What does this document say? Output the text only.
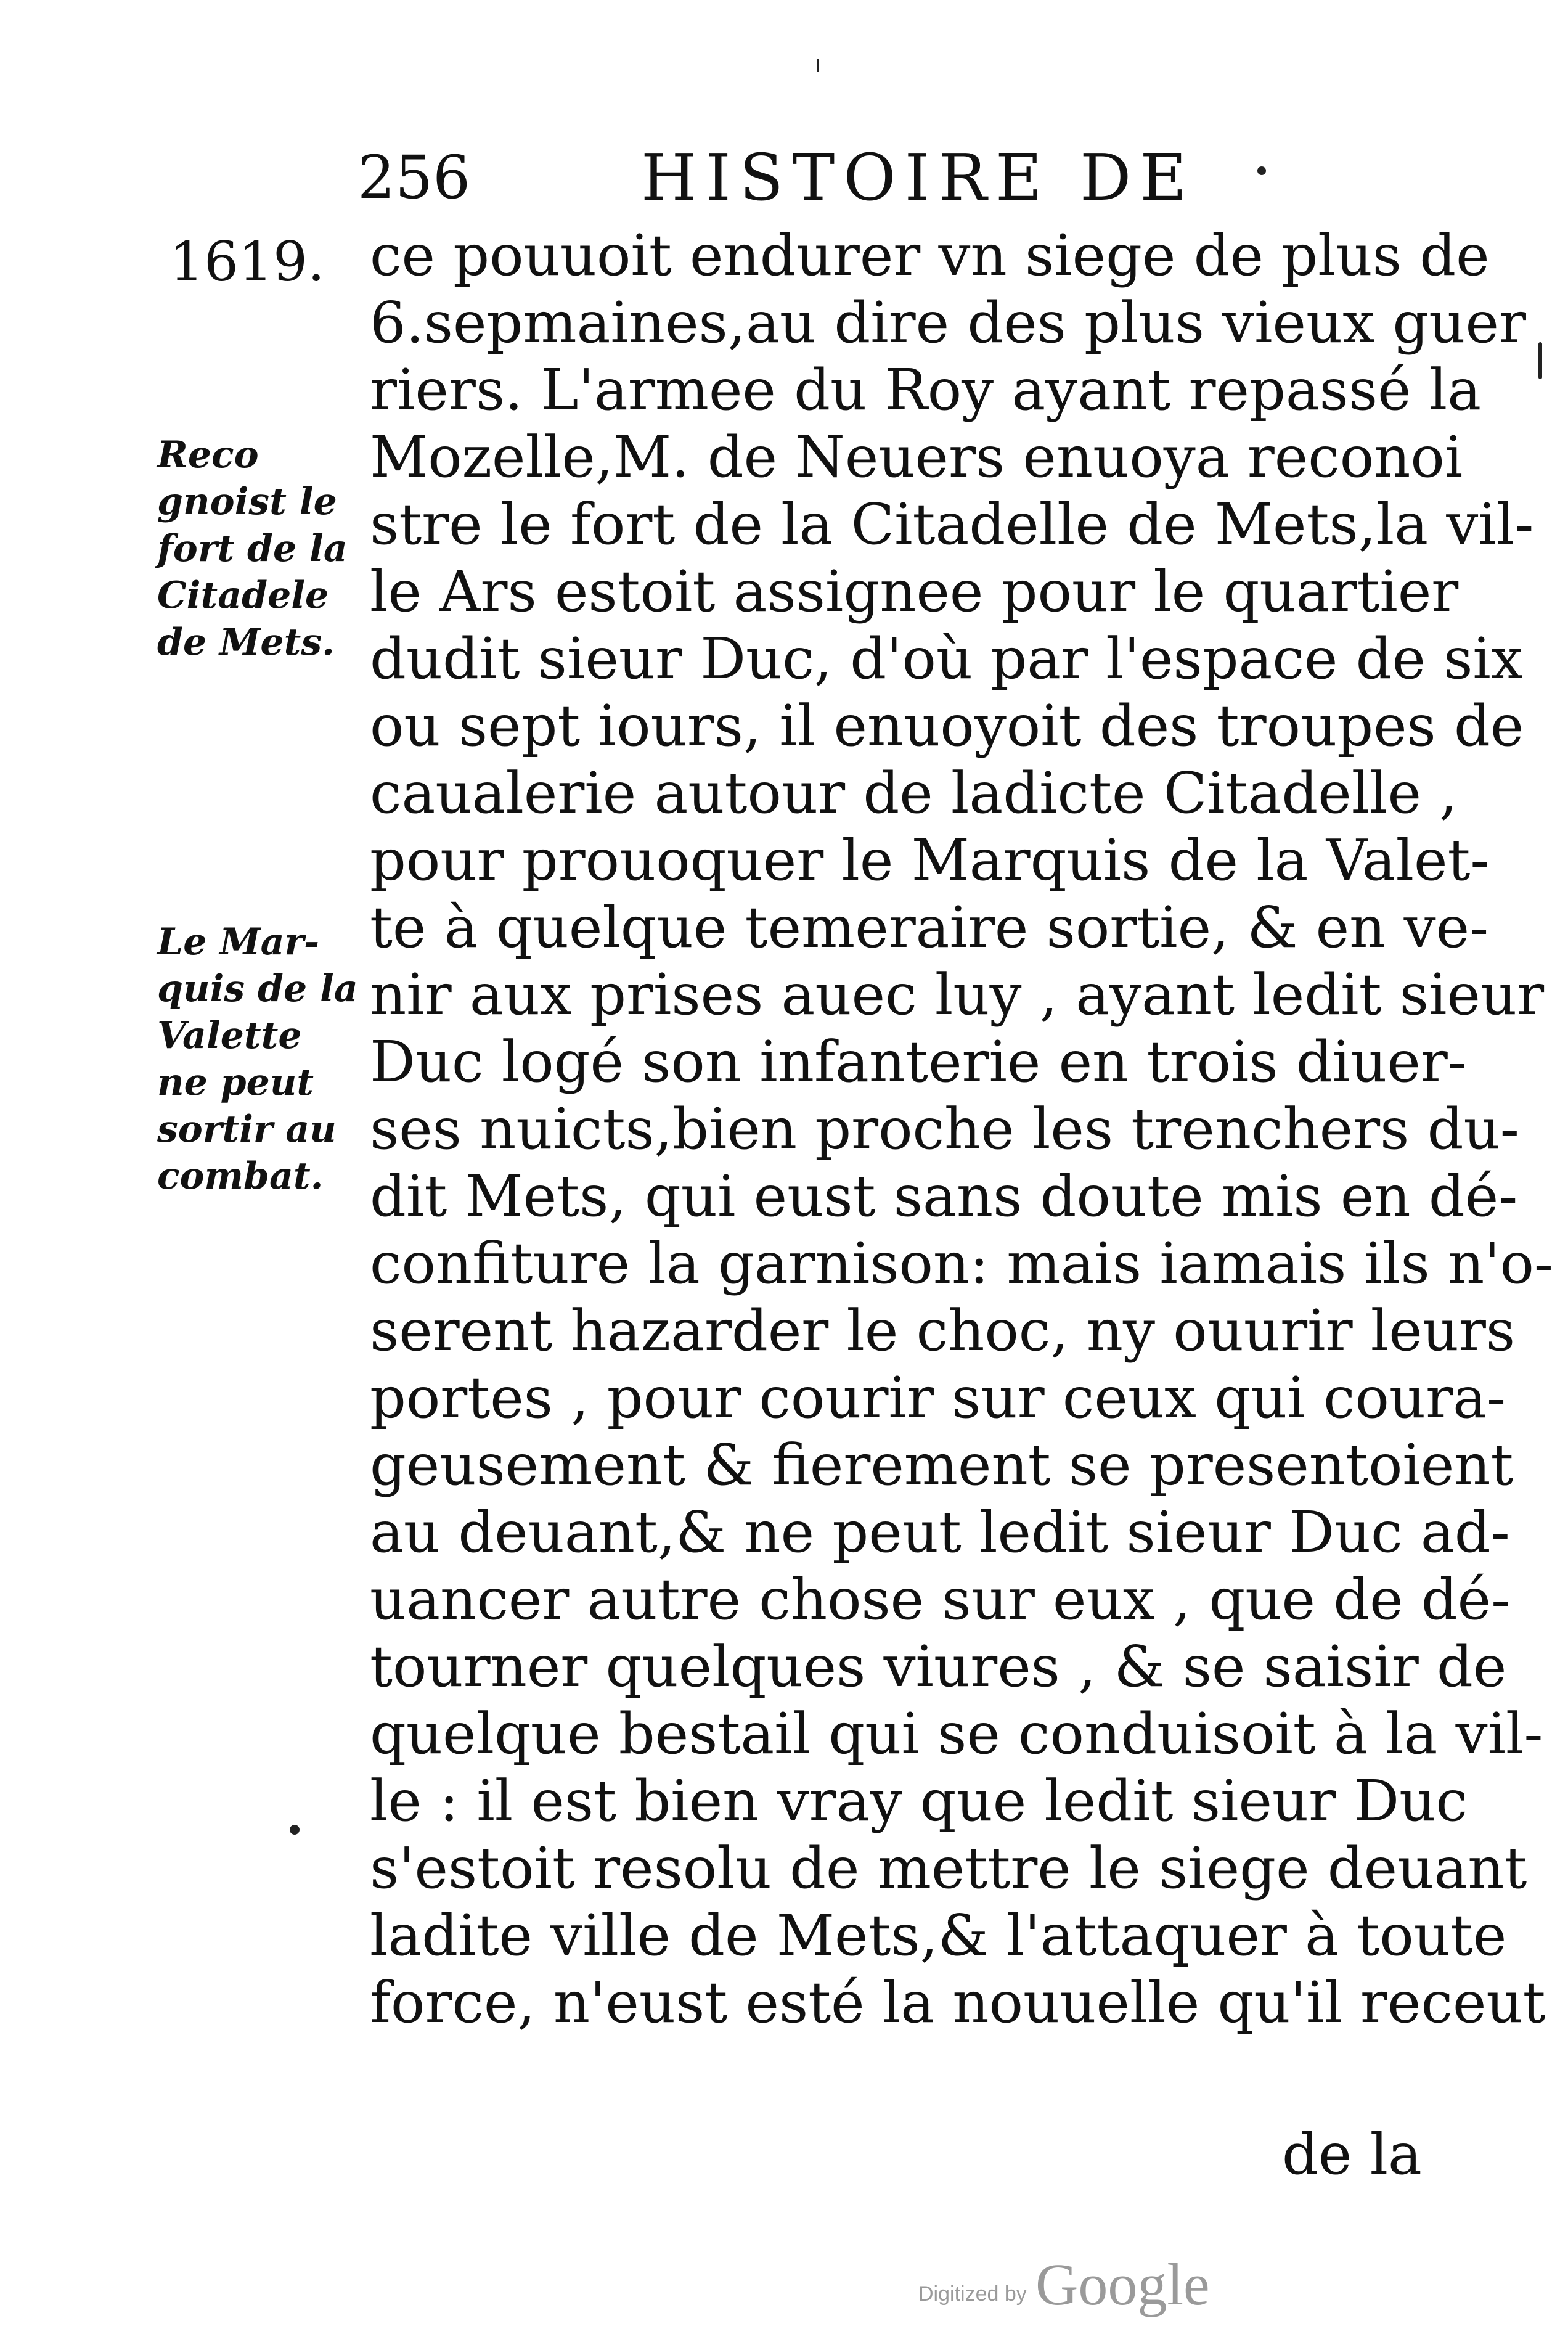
256	HISTOIRE DE
1619. ce pouuoit endurer vn siege de plus de
6.sepmaines,au dire des plus vieux guer
riers. L'armee du Roy ayant repassé la
Mozelle,M. de Neuers enuoya reconoi
stre le fort de la Citadelle de Mets,la vil-
le Ars estoit assignee pour le quartier
dudit sieur Duc, d'où par l'espace de six
ou sept iours, il enuoyoit des troupes de
caualerie autour de ladicte Citadelle ,
pour prouoquer le Marquis de la Valet-
te à quelque temeraire sortie, & en ve-
nir aux prises auec luy , ayant ledit sieur
Duc logé son infanterie en trois diuer-
ses nuicts,bien proche les trenchers du-
dit Mets, qui eust sans doute mis en dé-
confiture la garnison: mais iamais ils n'o-
serent hazarder le choc, ny ouurir leurs
portes , pour courir sur ceux qui coura-
geusement & fierement se presentoient
au deuant,& ne peut ledit sieur Duc ad-
uancer autre chose sur eux , que de dé-
tourner quelques viures , & se saisir de
quelque bestail qui se conduisoit à la vil-
le : il est bien vray que ledit sieur Duc
s'estoit resolu de mettre le siege deuant
ladite ville de Mets,& l'attaquer à toute
force, n'eust esté la nouuelle qu'il receut
de la
Reco
gnoist le
fort de la
Citadele
de Mets.
Le Mar-
quis de la
Valette
ne peut
sortir au
combat.
Digitized by Google
